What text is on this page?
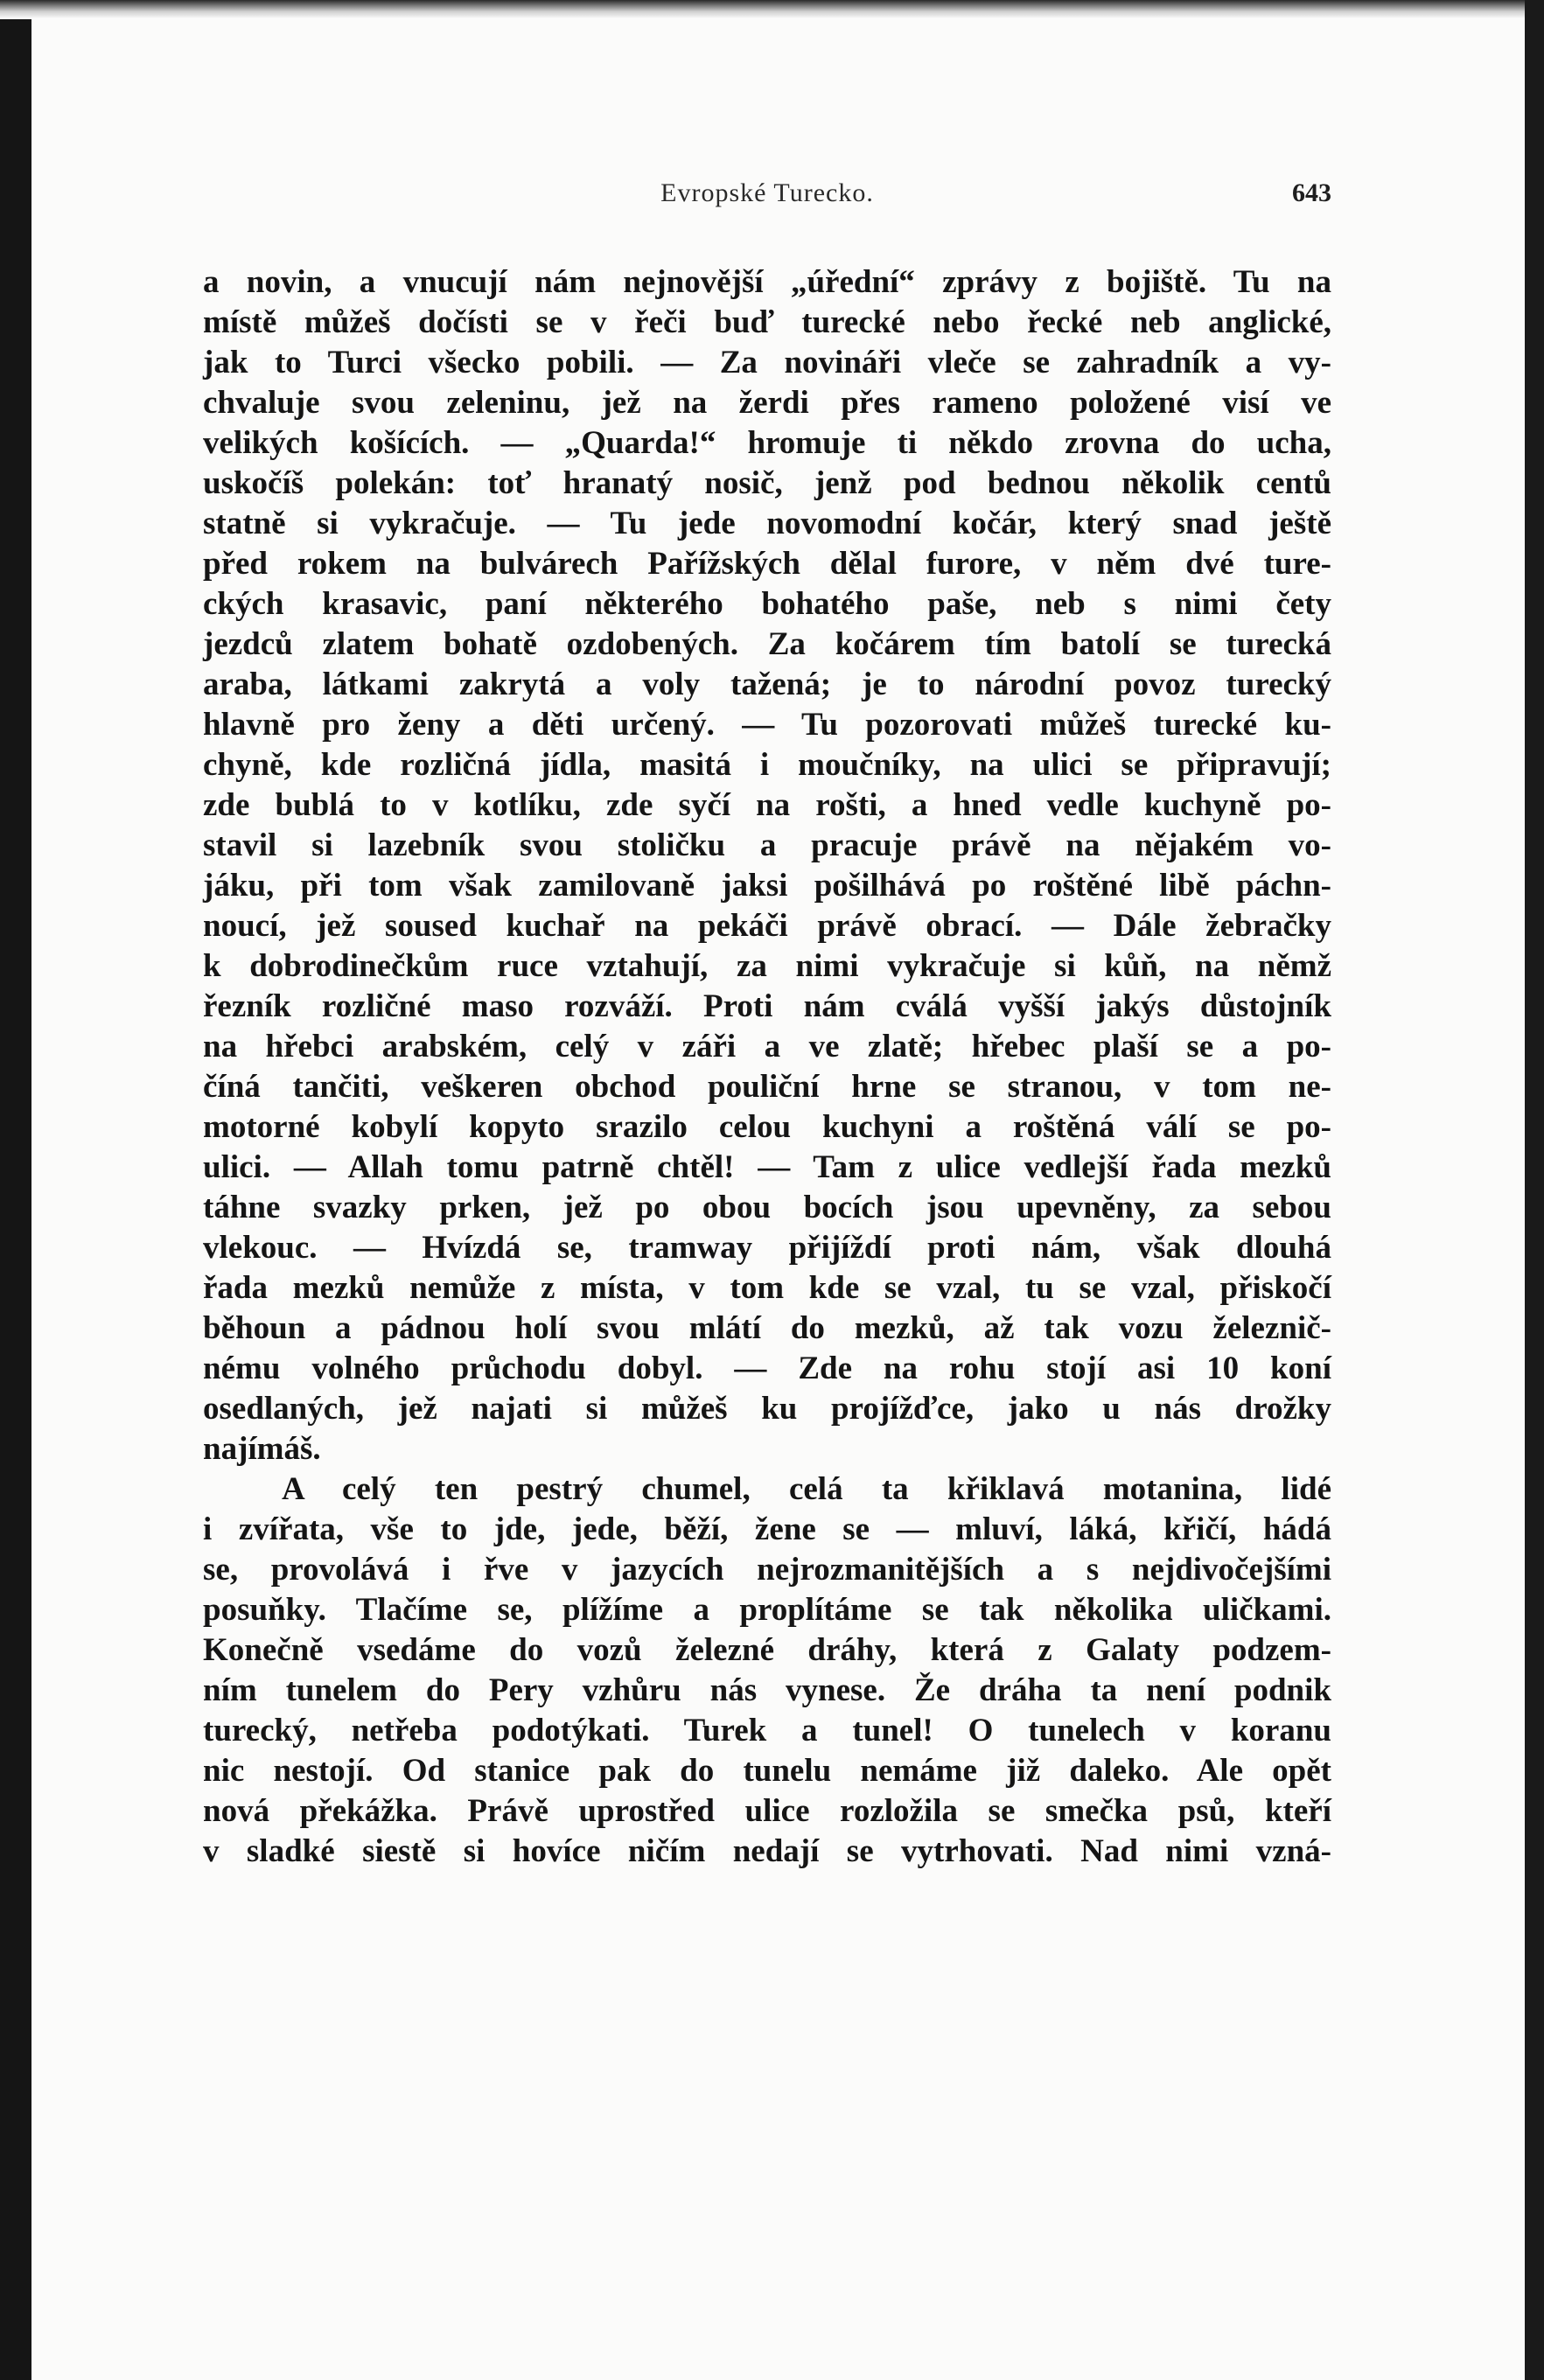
Evropské Turecko.	643
a novin, a vnucují nám nejnovější „úřední“ zprávy z bojiště. Tu na
místě můžeš dočísti se v řeči buď turecké nebo řecké neb anglické,
jak to Turci všecko pobili. — Za novináři vleče se zahradník a vy-
chvaluje svou zeleninu, jež na žerdi přes rameno položené visí ve
velikých košících. — „Quarda!“ hromuje ti někdo zrovna do ucha,
uskočíš polekán: toť hranatý nosič, jenž pod bednou několik centů
statně si vykračuje. — Tu jede novomodní kočár, který snad ještě
před rokem na bulvárech Pařížských dělal furore, v něm dvé ture-
ckých krasavic, paní některého bohatého paše, neb s nimi čety
jezdců zlatem bohatě ozdobených. Za kočárem tím batolí se turecká
araba, látkami zakrytá a voly tažená; je to národní povoz turecký
hlavně pro ženy a děti určený. — Tu pozorovati můžeš turecké ku-
chyně, kde rozličná jídla, masitá i moučníky, na ulici se připravují;
zde bublá to v kotlíku, zde syčí na rošti, a hned vedle kuchyně po-
stavil si lazebník svou stoličku a pracuje právě na nějakém vo-
jáku, při tom však zamilovaně jaksi pošilhává po roštěné libě páchn-
noucí, jež soused kuchař na pekáči právě obrací. — Dále žebračky
k dobrodinečkům ruce vztahují, za nimi vykračuje si kůň, na němž
řezník rozličné maso rozváží. Proti nám cválá vyšší jakýs důstojník
na hřebci arabském, celý v záři a ve zlatě; hřebec plaší se a po-
číná tančiti, veškeren obchod pouliční hrne se stranou, v tom ne-
motorné kobylí kopyto srazilo celou kuchyni a roštěná válí se po-
ulici. — Allah tomu patrně chtěl! — Tam z ulice vedlejší řada mezků
táhne svazky prken, jež po obou bocích jsou upevněny, za sebou
vlekouc. — Hvízdá se, tramway přijíždí proti nám, však dlouhá
řada mezků nemůže z místa, v tom kde se vzal, tu se vzal, přiskočí
běhoun a pádnou holí svou mlátí do mezků, až tak vozu železnič-
nému volného průchodu dobyl. — Zde na rohu stojí asi 10 koní
osedlaných, jež najati si můžeš ku projížďce, jako u nás drožky
najímáš.
A celý ten pestrý chumel, celá ta křiklavá motanina, lidé
i zvířata, vše to jde, jede, běží, žene se — mluví, láká, křičí, hádá
se, provolává i řve v jazycích nejrozmanitějších a s nejdivočejšími
posuňky. Tlačíme se, plížíme a proplítáme se tak několika uličkami.
Konečně vsedáme do vozů železné dráhy, která z Galaty podzem-
ním tunelem do Pery vzhůru nás vynese. Že dráha ta není podnik
turecký, netřeba podotýkati. Turek a tunel! O tunelech v koranu
nic nestojí. Od stanice pak do tunelu nemáme již daleko. Ale opět
nová překážka. Právě uprostřed ulice rozložila se smečka psů, kteří
v sladké siestě si hovíce ničím nedají se vytrhovati. Nad nimi vzná-
